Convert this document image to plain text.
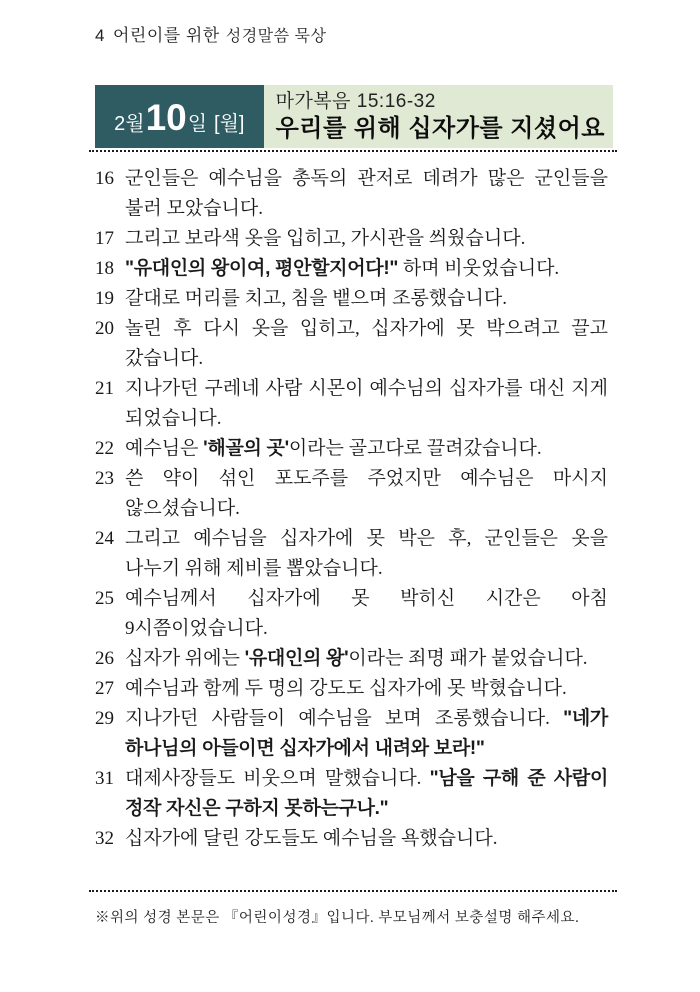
4 어린이를 위한 성경말씀 묵상
2월 10 일 [월]
마가복음 15:16-32
우리를 위해 십자가를 지셨어요
16 군인들은 예수님을 총독의 관저로 데려가 많은 군인들을 불러 모았습니다.
17 그리고 보라색 옷을 입히고, 가시관을 씌웠습니다.
18 "유대인의 왕이여, 평안할지어다!" 하며 비웃었습니다.
19 갈대로 머리를 치고, 침을 뱉으며 조롱했습니다.
20 놀린 후 다시 옷을 입히고, 십자가에 못 박으려고 끌고 갔습니다.
21 지나가던 구레네 사람 시몬이 예수님의 십자가를 대신 지게 되었습니다.
22 예수님은 '해골의 곳'이라는 골고다로 끌려갔습니다.
23 쓴 약이 섞인 포도주를 주었지만 예수님은 마시지 않으셨습니다.
24 그리고 예수님을 십자가에 못 박은 후, 군인들은 옷을 나누기 위해 제비를 뽑았습니다.
25 예수님께서 십자가에 못 박히신 시간은 아침 9시쯤이었습니다.
26 십자가 위에는 '유대인의 왕'이라는 죄명 패가 붙었습니다.
27 예수님과 함께 두 명의 강도도 십자가에 못 박혔습니다.
29 지나가던 사람들이 예수님을 보며 조롱했습니다. "네가 하나님의 아들이면 십자가에서 내려와 보라!"
31 대제사장들도 비웃으며 말했습니다. "남을 구해 준 사람이 정작 자신은 구하지 못하는구나."
32 십자가에 달린 강도들도 예수님을 욕했습니다.
※위의 성경 본문은 『어린이성경』입니다. 부모님께서 보충설명 해주세요.
